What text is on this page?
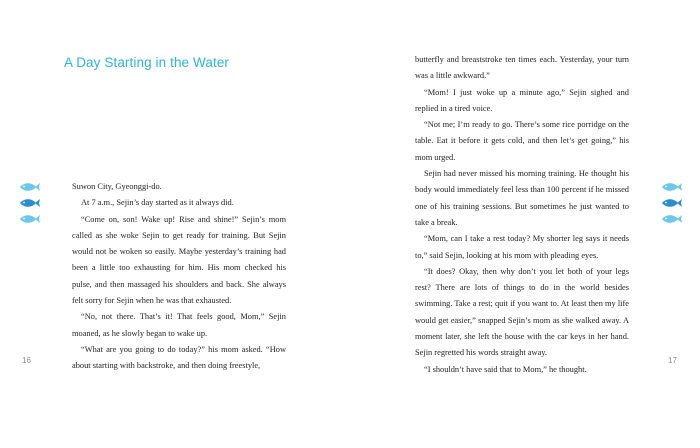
A Day Starting in the Water

Suwon City, Gyeonggi-do.

At 7 a.m., Sejin’s day started as it always did.

“Come on, son! Wake up! Rise and shine!” Sejin’s mom called as she woke Sejin to get ready for training. But Sejin would not be woken so easily. Maybe yesterday’s training had been a little too exhausting for him. His mom checked his pulse, and then massaged his shoulders and back. She always felt sorry for Sejin when he was that exhausted.

“No, not there. That’s it! That feels good, Mom,” Sejin moaned, as he slowly began to wake up.

“What are you going to do today?” his mom asked. “How about starting with backstroke, and then doing freestyle,

16

butterfly and breaststroke ten times each. Yesterday, your turn was a little awkward.”

“Mom! I just woke up a minute ago,” Sejin sighed and replied in a tired voice.

“Not me; I’m ready to go. There’s some rice porridge on the table. Eat it before it gets cold, and then let’s get going,” his mom urged.

Sejin had never missed his morning training. He thought his body would immediately feel less than 100 percent if he missed one of his training sessions. But sometimes he just wanted to take a break.

“Mom, can I take a rest today? My shorter leg says it needs to,” said Sejin, looking at his mom with pleading eyes.

“It does? Okay, then why don’t you let both of your legs rest? There are lots of things to do in the world besides swimming. Take a rest; quit if you want to. At least then my life would get easier,” snapped Sejin’s mom as she walked away. A moment later, she left the house with the car keys in her hand. Sejin regretted his words straight away.

“I shouldn’t have said that to Mom,” he thought.

17
